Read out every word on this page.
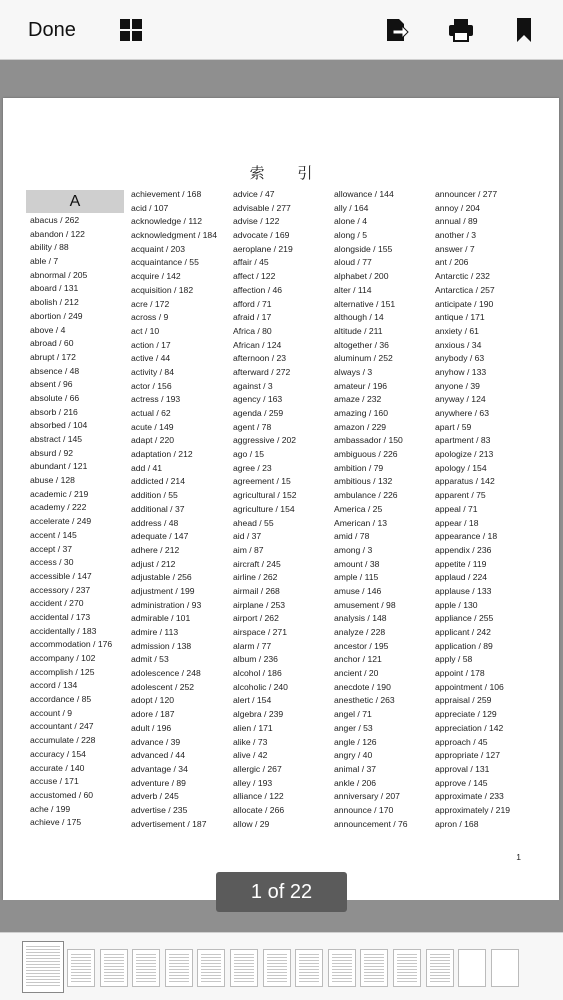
Done
索 引
A
abacus / 262
abandon / 122
ability / 88
able / 7
abnormal / 205
aboard / 131
abolish / 212
abortion / 249
above / 4
abroad / 60
abrupt / 172
absence / 48
absent / 96
absolute / 66
absorb / 216
absorbed / 104
abstract / 145
absurd / 92
abundant / 121
abuse / 128
academic / 219
academy / 222
accelerate / 249
accent / 145
accept / 37
access / 30
accessible / 147
accessory / 237
accident / 270
accidental / 173
accidentally / 183
accommodation / 176
accompany / 102
accomplish / 125
accord / 134
accordance / 85
account / 9
accountant / 247
accumulate / 228
accuracy / 154
accurate / 140
accuse / 171
accustomed / 60
ache / 199
achieve / 175
achievement / 168
acid / 107
acknowledge / 112
acknowledgment / 184
acquaint / 203
acquaintance / 55
acquire / 142
acquisition / 182
acre / 172
across / 9
act / 10
action / 17
active / 44
activity / 84
actor / 156
actress / 193
actual / 62
acute / 149
adapt / 220
adaptation / 212
add / 41
addicted / 214
addition / 55
additional / 37
address / 48
adequate / 147
adhere / 212
adjust / 212
adjustable / 256
adjustment / 199
administration / 93
admirable / 101
admire / 113
admission / 138
admit / 53
adolescence / 248
adolescent / 252
adopt / 120
adore / 187
adult / 196
advance / 39
advanced / 44
advantage / 34
adventure / 89
adverb / 245
advertise / 235
advertisement / 187
advice / 47
advisable / 277
advise / 122
advocate / 169
aeroplane / 219
affair / 45
affect / 122
affection / 46
afford / 71
afraid / 17
Africa / 80
African / 124
afternoon / 23
afterward / 272
against / 3
agency / 163
agenda / 259
agent / 78
aggressive / 202
ago / 15
agree / 23
agreement / 15
agricultural / 152
agriculture / 154
ahead / 55
aid / 37
aim / 87
aircraft / 245
airline / 262
airmail / 268
airplane / 253
airport / 262
airspace / 271
alarm / 77
album / 236
alcohol / 186
alcoholic / 240
alert / 154
algebra / 239
alien / 171
alike / 73
alive / 42
allergic / 267
alley / 193
alliance / 122
allocate / 266
allow / 29
allowance / 144
ally / 164
alone / 4
along / 5
alongside / 155
aloud / 77
alphabet / 200
alter / 114
alternative / 151
although / 14
altitude / 211
altogether / 36
aluminum / 252
always / 3
amateur / 196
amaze / 232
amazing / 160
amazon / 229
ambassador / 150
ambiguous / 226
ambition / 79
ambitious / 132
ambulance / 226
America / 25
American / 13
amid / 78
among / 3
amount / 38
ample / 115
amuse / 146
amusement / 98
analysis / 148
analyze / 228
ancestor / 195
anchor / 121
ancient / 20
anecdote / 190
anesthetic / 263
angel / 71
anger / 53
angle / 126
angry / 40
animal / 37
ankle / 206
anniversary / 207
announce / 170
announcement / 76
announcer / 277
annoy / 204
annual / 89
another / 3
answer / 7
ant / 206
Antarctic / 232
Antarctica / 257
anticipate / 190
antique / 171
anxiety / 61
anxious / 34
anybody / 63
anyhow / 133
anyone / 39
anyway / 124
anywhere / 63
apart / 59
apartment / 83
apologize / 213
apology / 154
apparatus / 142
apparent / 75
appeal / 71
appear / 18
appearance / 18
appendix / 236
appetite / 119
applaud / 224
applause / 133
apple / 130
appliance / 255
applicant / 242
application / 89
apply / 58
appoint / 178
appointment / 106
appraisal / 259
appreciate / 129
appreciation / 142
approach / 45
appropriate / 127
approval / 131
approve / 145
approximate / 233
approximately / 219
apron / 168
1
1 of 22
